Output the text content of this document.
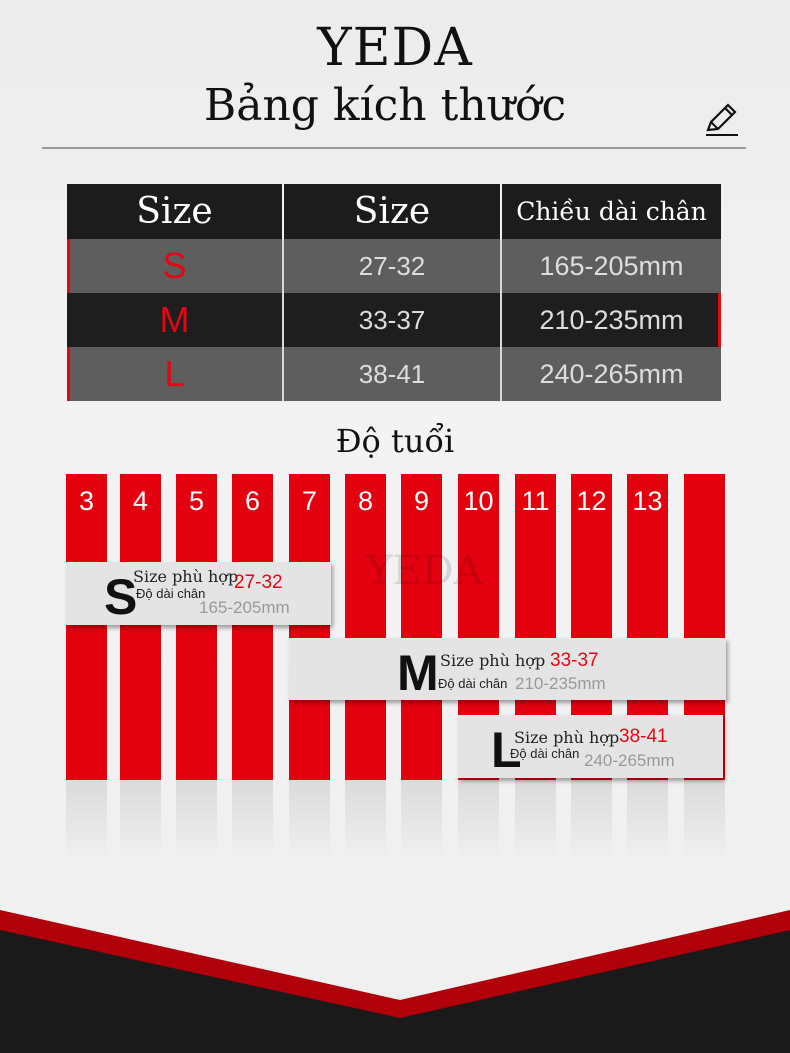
YEDA
Bảng kích thước
Size	Size	Chiều dài chân
S	27-32	165-205mm
M	33-37	210-235mm
L	38-41	240-265mm
Độ tuổi
3	4	5	6	7	8	9	10 11 12 13
YEDA
S
Size phù hợp
27-32
Độ dài chân
165-205mm
M Size phù hợp 33-37
Độ dài chân 210-235mm
L
Size phù hợp 38-41
Độ dài chân 240-265mm
